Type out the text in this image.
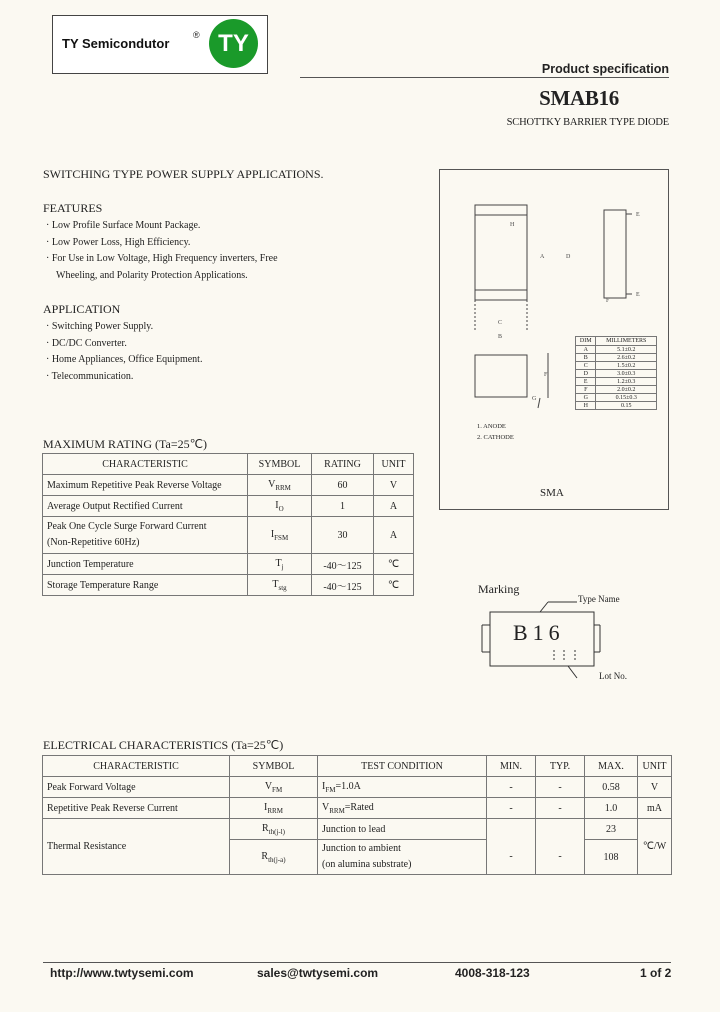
TY Semicondutor
® TY
Product specification
SMAB16
SCHOTTKY BARRIER TYPE DIODE
SWITCHING TYPE POWER SUPPLY APPLICATIONS.
FEATURES
· Low Profile Surface Mount Package.
· Low Power Loss, High Efficiency.
· For Use in Low Voltage, High Frequency inverters, Free
Wheeling, and Polarity Protection Applications.
APPLICATION
· Switching Power Supply.
· DC/DC Converter.
· Home Appliances, Office Equipment.
· Telecommunication.
MAXIMUM RATING (Ta=25℃)
CHARACTERISTIC	SYMBOL	RATING	UNIT
Maximum Repetitive Peak Reverse Voltage	$V_{RRM}$	60	V
Average Output Rectified Current	$I_O$	1	A

Peak One Cycle Surge Forward Current
(Non-Repetitive 60Hz)	$I_{FSM}$	30	A
Junction Temperature	$T_j$	-40～125	℃
Storage Temperature Range	$T_{stg}$	-40～125	℃
A	D
C
B
H
E
E
F
F
G
1. ANODE
2. CATHODE
DIM	MILLIMETERS
A	5.1±0.2
B	2.6±0.2
C	1.5±0.2
D	3.0±0.3
E	1.2±0.3
F	2.0±0.2
G	0.15±0.3
H	0.15
SMA
Marking
Type Name
B16
Lot No.
ELECTRICAL CHARACTERISTICS (Ta=25℃)
CHARACTERISTIC	SYMBOL	TEST CONDITION	MIN.	TYP.	MAX.	UNIT
Peak Forward Voltage	$V_{FM}$	$I_{FM}=1.0A$	-	-	0.58	V
Repetitive Peak Reverse Current	$I_{RRM}$	$V_{RRM}=Rated$	-	-	1.0	mA
Thermal Resistance	$R_{th(j-l)}$	Junction to lead			23	℃/W
	$R_{th(j-a)}$	Junction to ambient
(on alumina substrate)	-	-	108	
http://www.twtysemi.com	sales@twtysemi.com	4008-318-123	1 of 2
